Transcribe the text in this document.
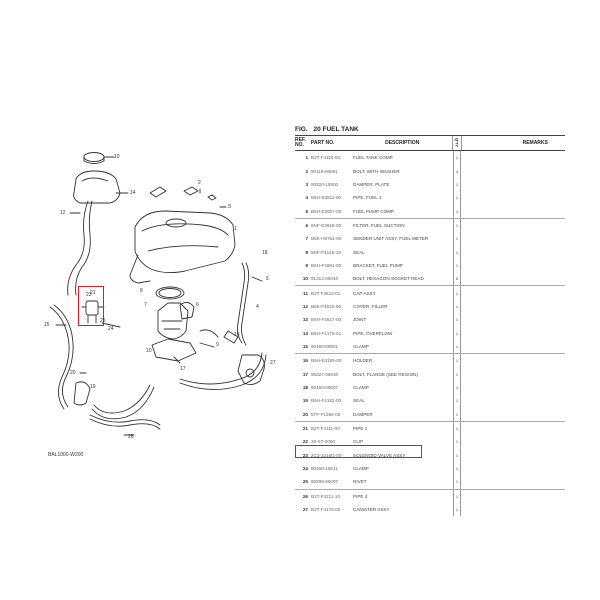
10
12
14
2
3
1
5
4
6
7
8
9
10
15
16
17
18
19
20
21
23
24
25
26
27
BAL1000-W200
FIG. 20 FUEL TANK
REF. NO.	PART NO.	DESCRIPTION	Q'TY	REMARKS
1 B2T-F4110-00	FUEL TANK COMP.	1
2 90119-06881	BOLT, WITH WASHER	4
3 90520-15800	DAMPER, PLATE	1
4 B6H-E3811-00	PIPE, FUEL 1	1
5 B5H-E3907-00	FUEL PUMP COMP.	1
6 5NF-E3915-00	FILTER, FUEL SUCTION	1
7 B6K-H5761-00	SENDER UNIT ASSY, FUEL METER	1
8 5NF-F4145-10	SEAL	1
9 B6H-F4691-00	BRACKET, FUEL PUMP	1
10 91312-05010	BOLT, HEXAGON SOCKET HEAD	6
11 B2T-F4610-01	CAP ASSY	1
12 B6K-F4610-00	COVER, FILLER	1
13 B6H-F4617-00	JOINT	1
14 B6H-F4175-01	PIPE, OVERFLOW	1
15 90460-09001	CLAMP	1
16 B6H-E4185-00	HOLDER	1
17 95327-06030	BOLT, FLANGE (SEE REGION)	1
18 90460-09007	CLAMP	1
19 B6H-F4182-00	SEAL	1
20 5TF-F1366-00	DAMPER	1
21 B2T-F4111-00	PIPE 1	1
22 3S-6T-0000	CLIP	1
23 2C3-3216G-00	SOLENOID VALVE ASSY	1
24 90460-15011	CLAMP	1
25 90290-06007	RIVET	1
26 B2T-F4211-10	PIPE 4	1
27 B2T-F4170-00	CANISTER ASSY	1
